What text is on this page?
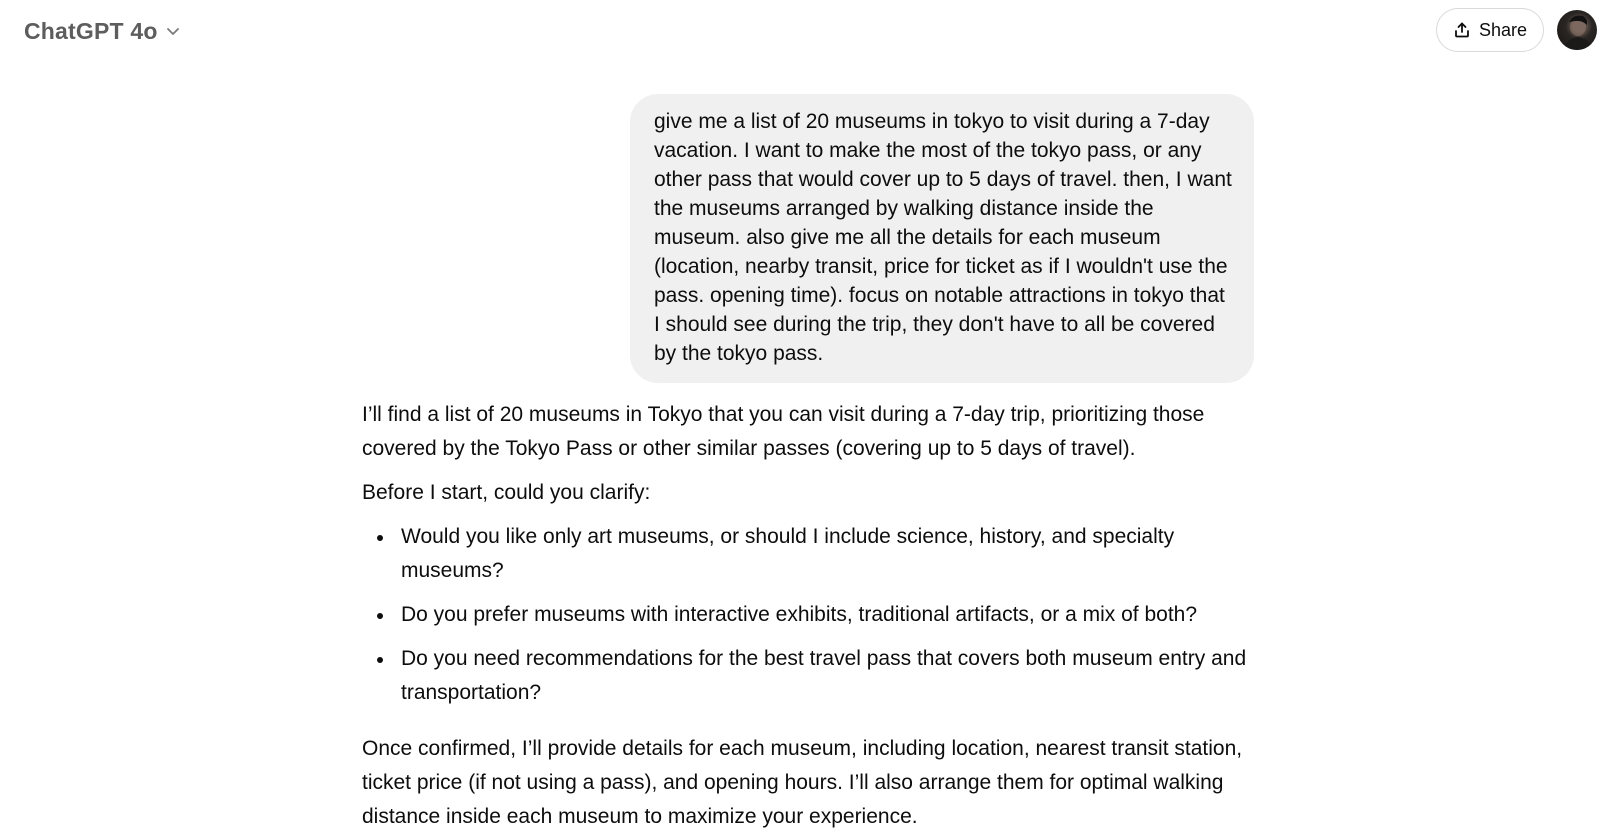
ChatGPT 4o	Share
give me a list of 20 museums in tokyo to visit during a 7-day vacation. I want to make the most of the tokyo pass, or any other pass that would cover up to 5 days of travel. then, I want the museums arranged by walking distance inside the museum. also give me all the details for each museum (location, nearby transit, price for ticket as if I wouldn't use the pass. opening time). focus on notable attractions in tokyo that I should see during the trip, they don't have to all be covered by the tokyo pass.

I’ll find a list of 20 museums in Tokyo that you can visit during a 7-day trip, prioritizing those covered by the Tokyo Pass or other similar passes (covering up to 5 days of travel).

Before I start, could you clarify:

Would you like only art museums, or should I include science, history, and specialty museums?
Do you prefer museums with interactive exhibits, traditional artifacts, or a mix of both?
Do you need recommendations for the best travel pass that covers both museum entry and transportation?

Once confirmed, I’ll provide details for each museum, including location, nearest transit station, ticket price (if not using a pass), and opening hours. I’ll also arrange them for optimal walking distance inside each museum to maximize your experience.
